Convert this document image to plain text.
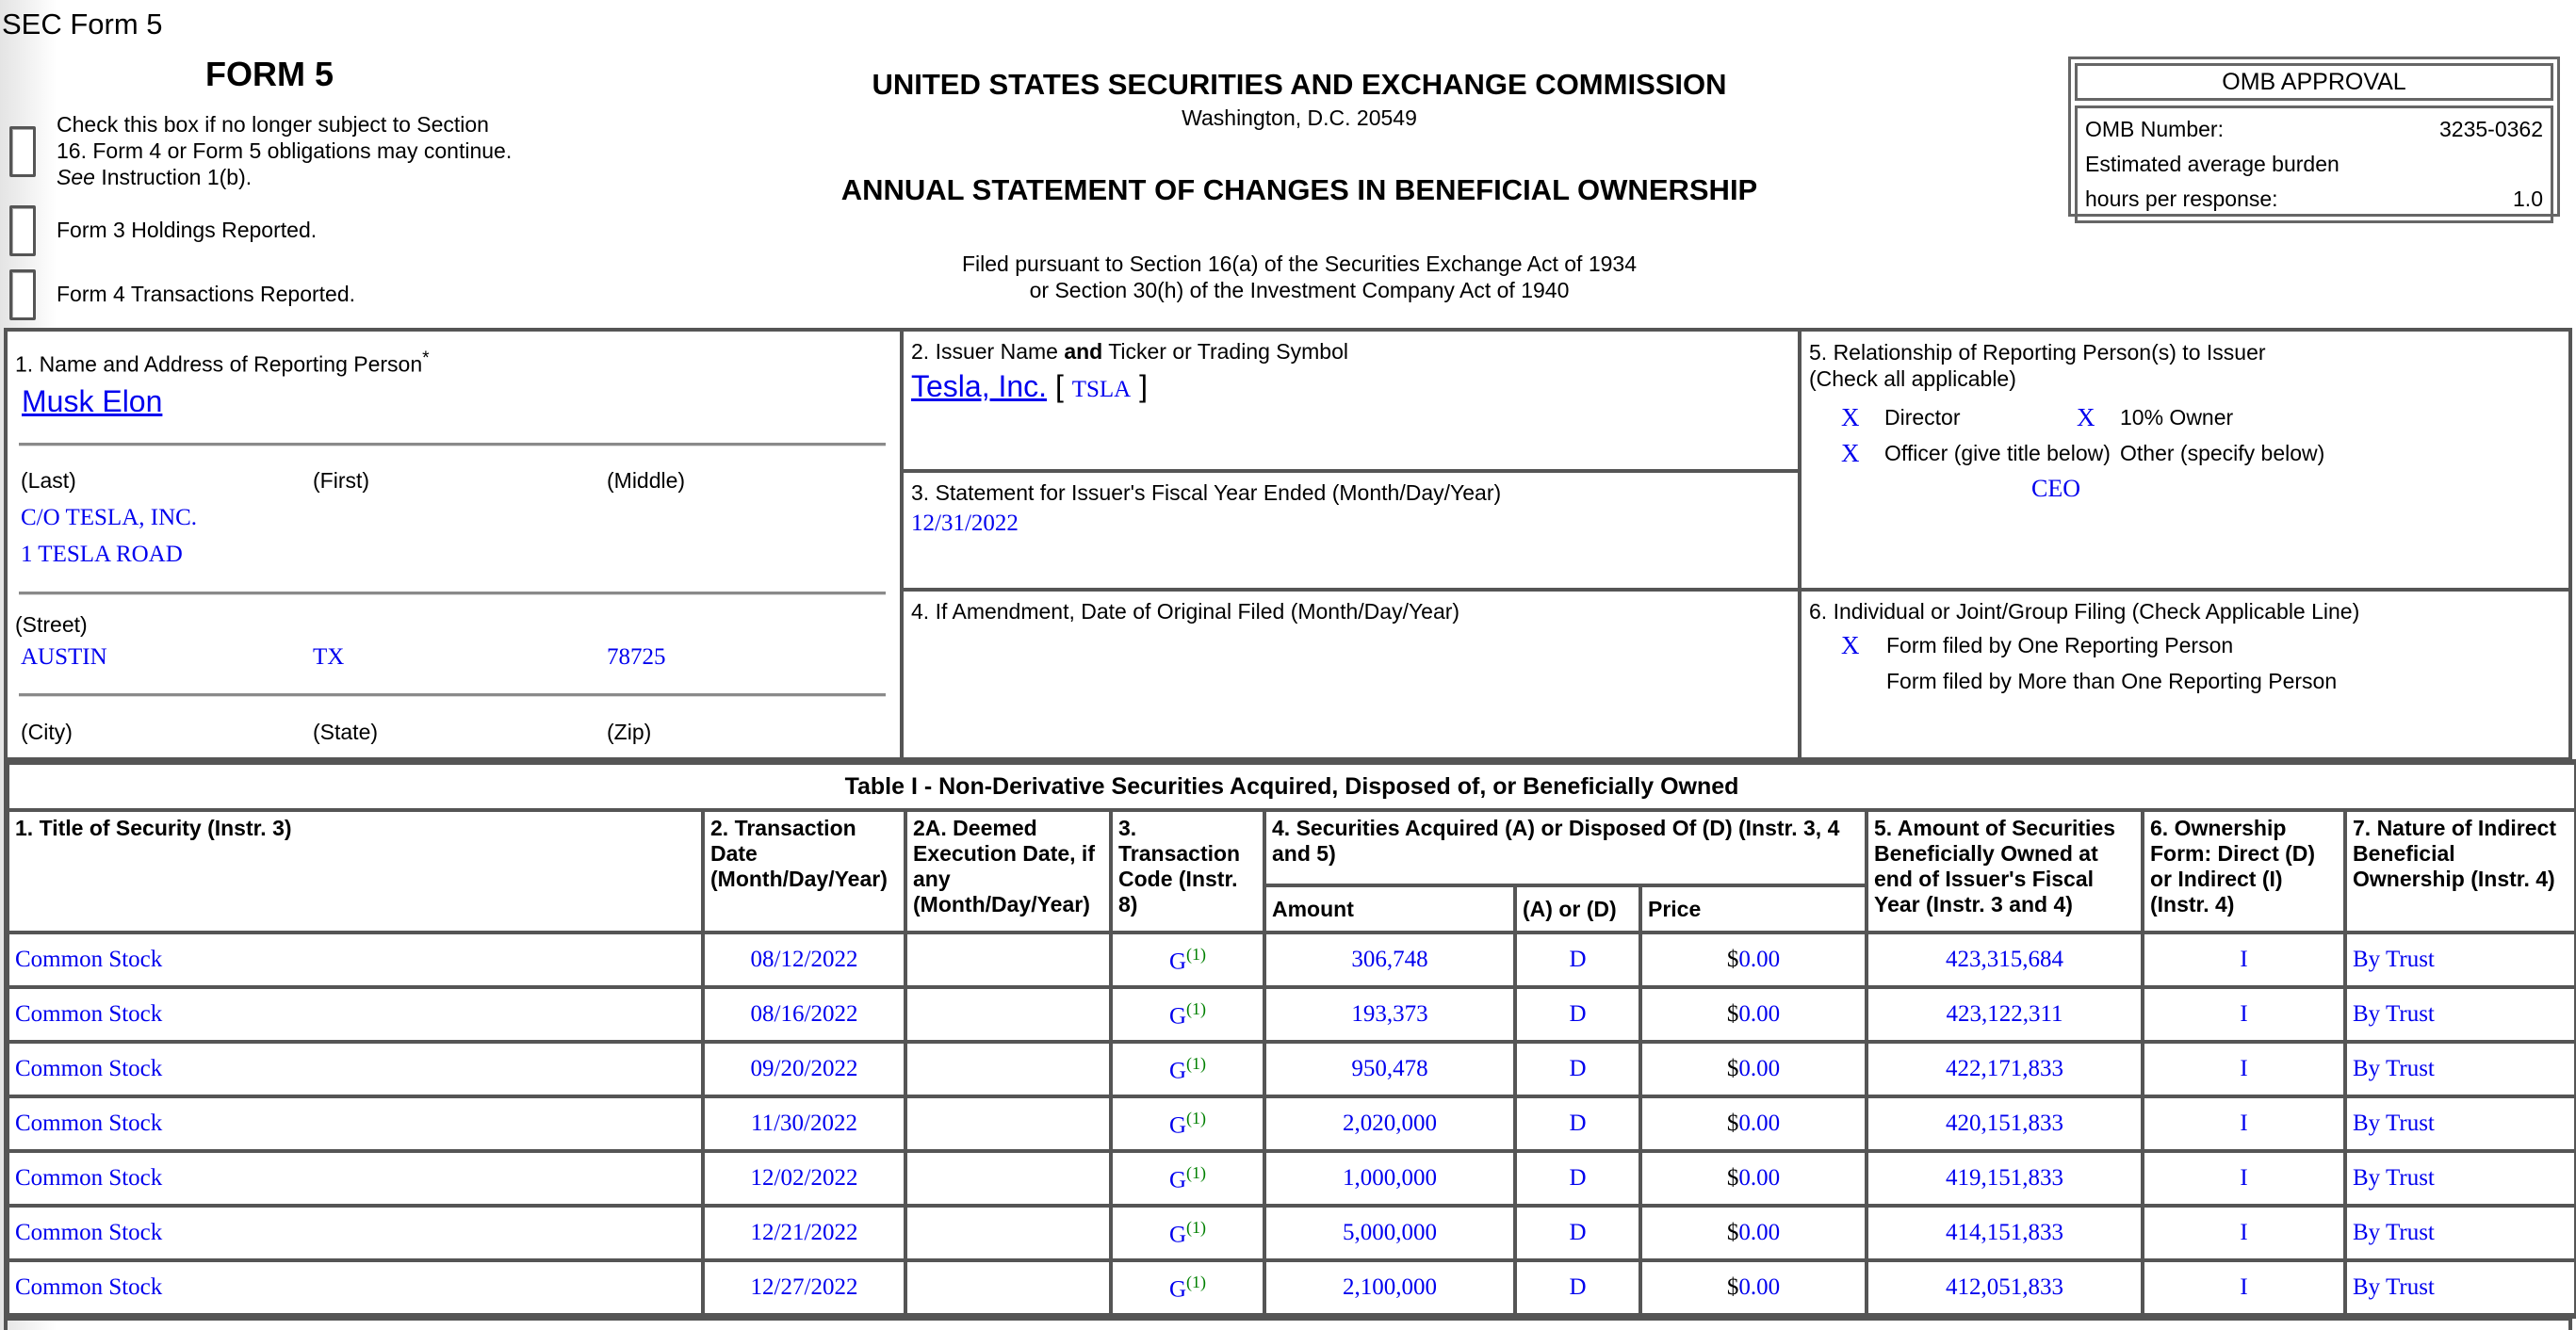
SEC Form 5
FORM 5
Check this box if no longer subject to Section
16. Form 4 or Form 5 obligations may continue.
See Instruction 1(b).
Form 3 Holdings Reported.
Form 4 Transactions Reported.
UNITED STATES SECURITIES AND EXCHANGE COMMISSION
Washington, D.C. 20549
ANNUAL STATEMENT OF CHANGES IN BENEFICIAL OWNERSHIP
Filed pursuant to Section 16(a) of the Securities Exchange Act of 1934
or Section 30(h) of the Investment Company Act of 1940
OMB APPROVAL
OMB Number:	3235-0362
Estimated average burden
hours per response:	1.0
1. Name and Address of Reporting Person*
Musk Elon
(Last)	(First)	(Middle)
C/O TESLA, INC.
1 TESLA ROAD
(Street)
AUSTIN	TX	78725
(City)	(State)	(Zip)
2. Issuer Name and Ticker or Trading Symbol
Tesla, Inc. [ TSLA ]
3. Statement for Issuer's Fiscal Year Ended (Month/Day/Year)
12/31/2022
4. If Amendment, Date of Original Filed (Month/Day/Year)
5. Relationship of Reporting Person(s) to Issuer
(Check all applicable)
X Director	X 10% Owner
X Officer (give title below) Other (specify below)
CEO
6. Individual or Joint/Group Filing (Check Applicable Line)
X Form filed by One Reporting Person
Form filed by More than One Reporting Person
Table I - Non-Derivative Securities Acquired, Disposed of, or Beneficially Owned									
1. Title of Security (Instr. 3)	2. Transaction Date (Month/Day/Year)	2A. Deemed Execution Date, if any (Month/Day/Year)	3. Transaction Code (Instr. 8)	4. Securities Acquired (A) or Disposed Of (D) (Instr. 3, 4 and 5)			5. Amount of Securities Beneficially Owned at end of Issuer's Fiscal Year (Instr. 3 and 4)	6. Ownership Form: Direct (D) or Indirect (I) (Instr. 4)	7. Nature of Indirect Beneficial Ownership (Instr. 4)
				Amount	(A) or (D)	Price			
Common Stock	08/12/2022		G$^{(1)}$	306,748	D	$0.00	423,315,684	I	By Trust
Common Stock	08/16/2022		G$^{(1)}$	193,373	D	$0.00	423,122,311	I	By Trust
Common Stock	09/20/2022		G$^{(1)}$	950,478	D	$0.00	422,171,833	I	By Trust
Common Stock	11/30/2022		G$^{(1)}$	2,020,000	D	$0.00	420,151,833	I	By Trust
Common Stock	12/02/2022		G$^{(1)}$	1,000,000	D	$0.00	419,151,833	I	By Trust
Common Stock	12/21/2022		G$^{(1)}$	5,000,000	D	$0.00	414,151,833	I	By Trust
Common Stock	12/27/2022		G$^{(1)}$	2,100,000	D	$0.00	412,051,833	I	By Trust
